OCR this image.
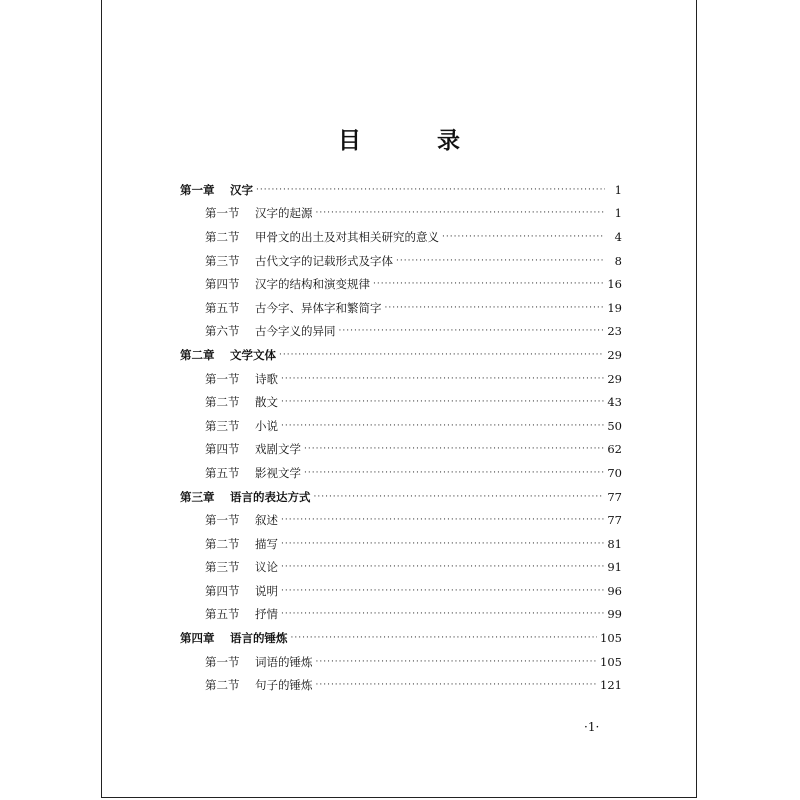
目 录
第一章	汉字 ·····	1
第一节	汉字的起源 ·····	1
第二节	甲骨文的出土及对其相关研究的意义 ·····	4
第三节	古代文字的记载形式及字体 ·····	8
第四节	汉字的结构和演变规律 ·····	16
第五节	古今字、异体字和繁简字 ·····	19
第六节	古今字义的异同 ·····	23
第二章	文学文体 ·····	29
第一节	诗歌 ·····	29
第二节	散文 ·····	43
第三节	小说 ·····	50
第四节	戏剧文学 ·····	62
第五节	影视文学 ·····	70
第三章	语言的表达方式 ·····	77
第一节	叙述 ·····	77
第二节	描写 ·····	81
第三节	议论 ·····	91
第四节	说明 ·····	96
第五节	抒情 ·····	99
第四章	语言的锤炼 ·····	105
第一节	词语的锤炼 ·····	105
第二节	句子的锤炼 ·····	121
·1·
